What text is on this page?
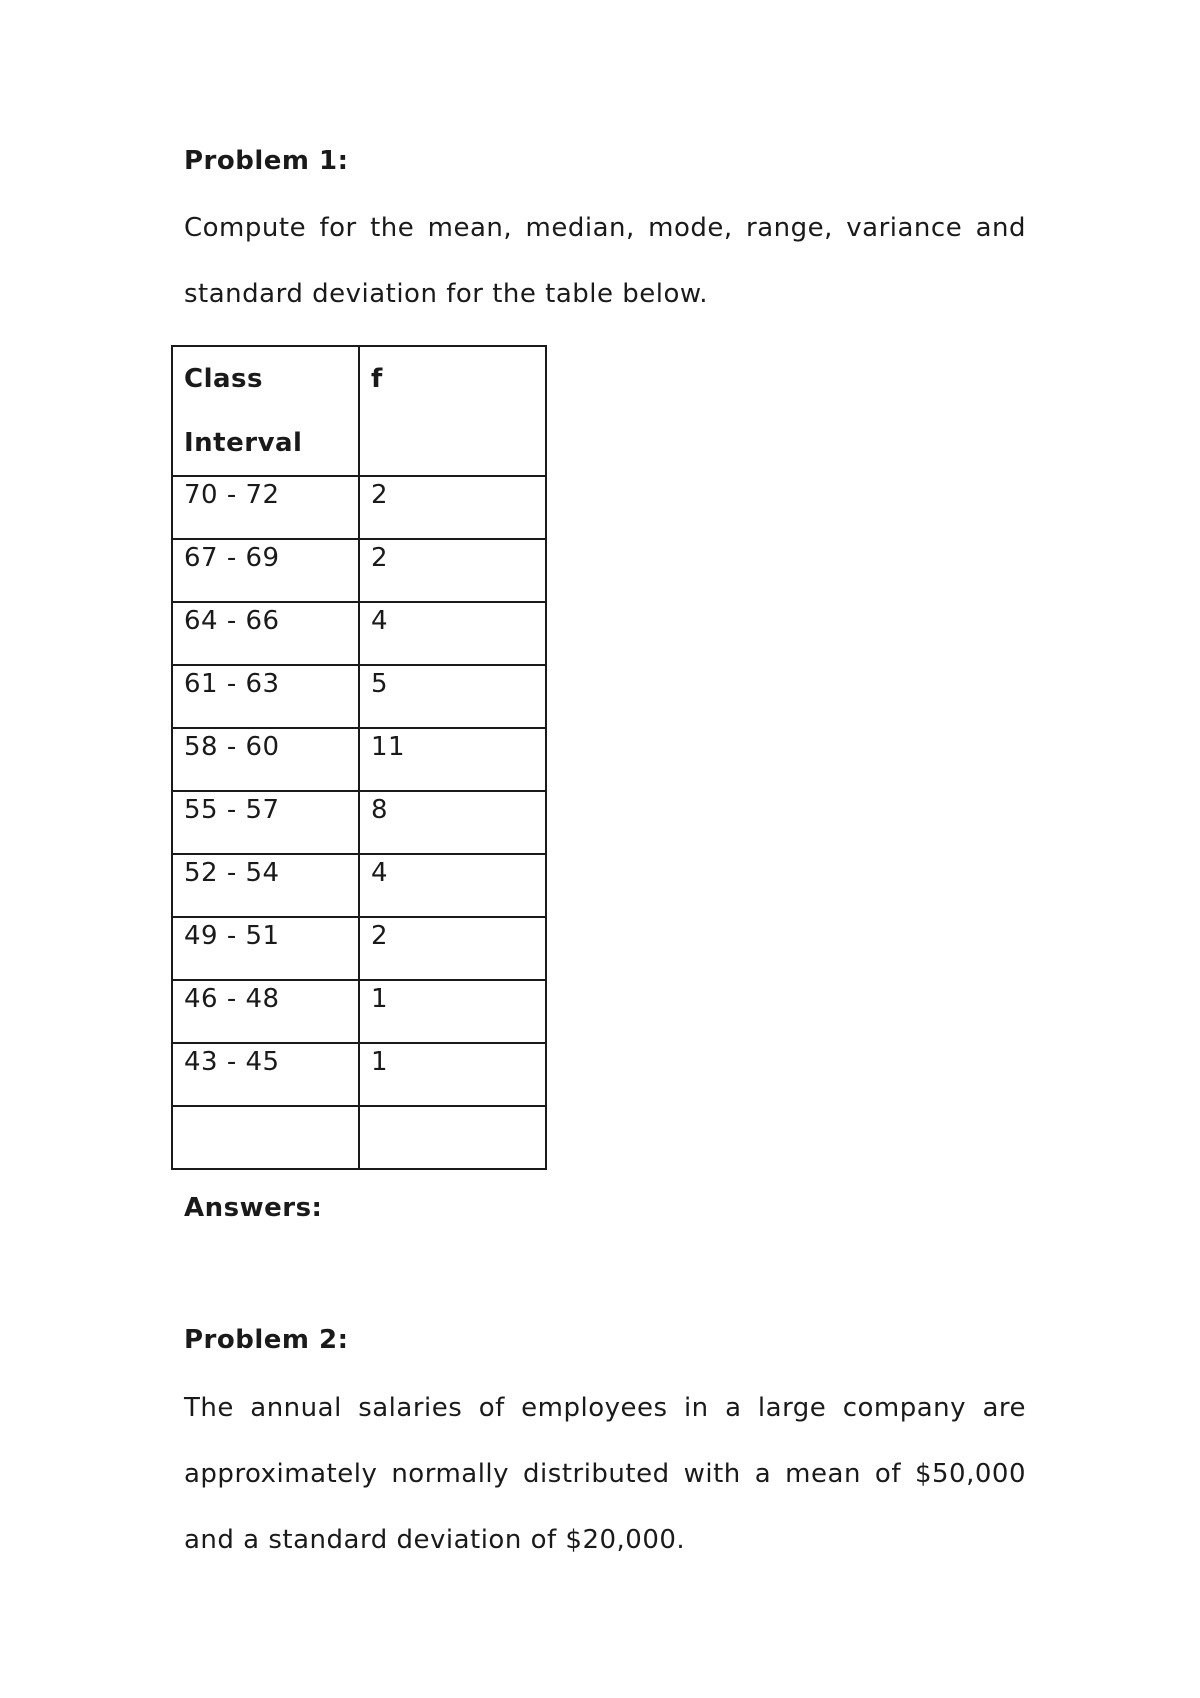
Problem 1:

Compute for the mean, median, mode, range, variance and standard deviation for the table below.

Class Interval	f
70 - 72	2
67 - 69	2
64 - 66	4
61 - 63	5
58 - 60	11
55 - 57	8
52 - 54	4
49 - 51	2
46 - 48	1
43 - 45	1

Answers:
Problem 2:

The annual salaries of employees in a large company are approximately normally distributed with a mean of $50,000 and a standard deviation of $20,000.
